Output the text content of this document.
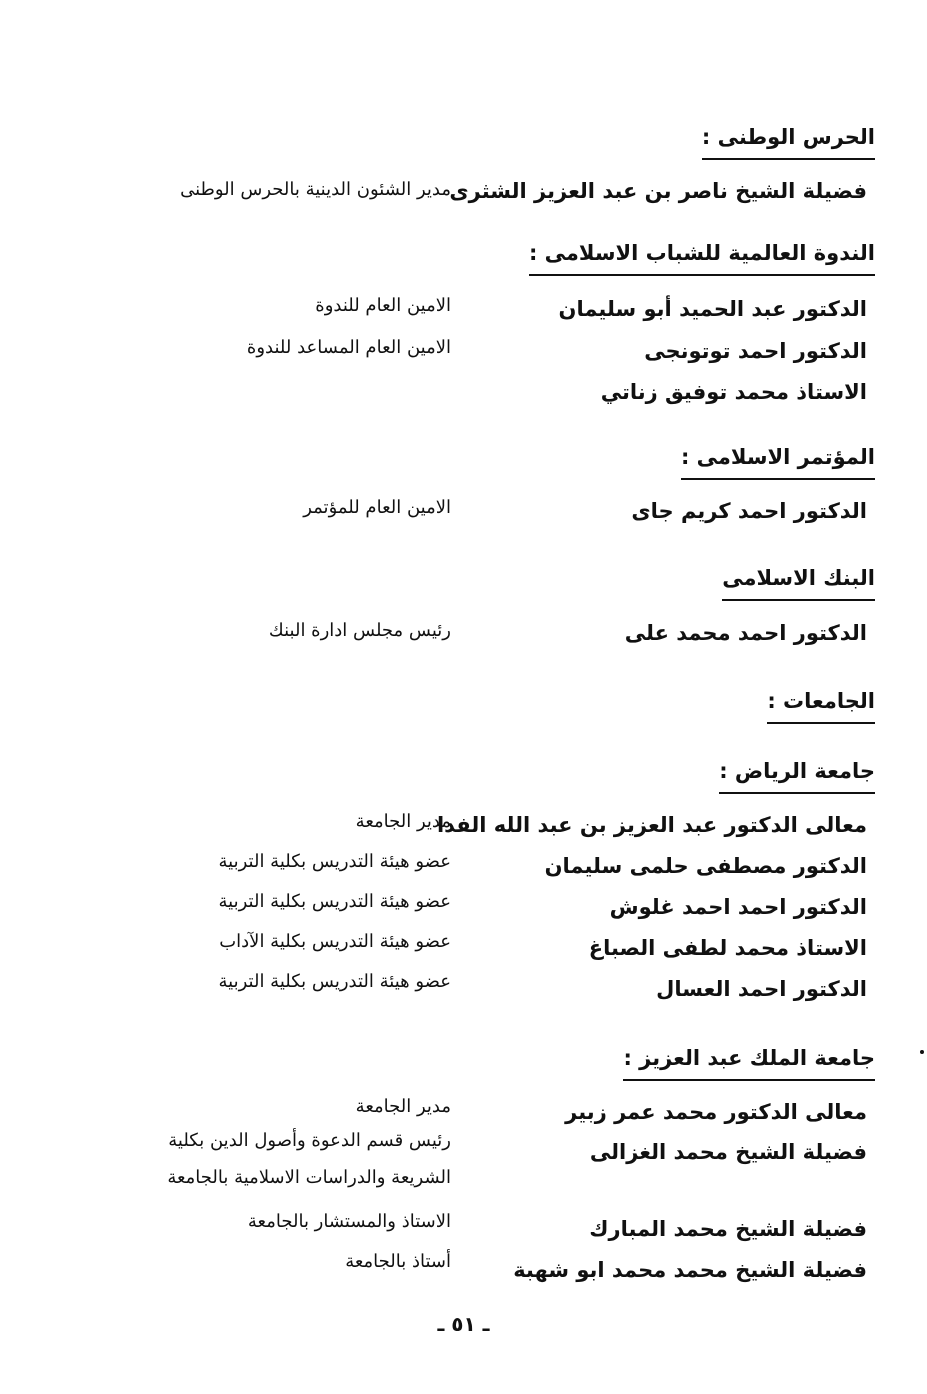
الحرس الوطنى :
فضيلة الشيخ ناصر بن عبد العزيز الشثرى
مدير الشئون الدينية بالحرس الوطنى
الندوة العالمية للشباب الاسلامى :
الدكتور عبد الحميد أبو سليمان
الامين العام للندوة
الدكتور احمد توتونجى
الامين العام المساعد للندوة
الاستاذ محمد توفيق زناتي
المؤتمر الاسلامى :
الدكتور احمد كريم جاى
الامين العام للمؤتمر
البنك الاسلامى
الدكتور احمد محمد على
رئيس مجلس ادارة البنك
الجامعات :
جامعة الرياض :
معالى الدكتور عبد العزيز بن عبد الله الفدا
مدير الجامعة
الدكتور مصطفى حلمى سليمان
عضو هيئة التدريس بكلية التربية
الدكتور احمد احمد غلوش
عضو هيئة التدريس بكلية التربية
الاستاذ محمد لطفى الصباغ
عضو هيئة التدريس بكلية الآداب
الدكتور احمد العسال
عضو هيئة التدريس بكلية التربية
جامعة الملك عبد العزيز :
معالى الدكتور محمد عمر زبير
مدير الجامعة
فضيلة الشيخ محمد الغزالى
رئيس قسم الدعوة وأصول الدين بكلية
الشريعة والدراسات الاسلامية بالجامعة
فضيلة الشيخ محمد المبارك
الاستاذ والمستشار بالجامعة
فضيلة الشيخ محمد محمد ابو شهبة
أستاذ بالجامعة
ـ ٥١ ـ
